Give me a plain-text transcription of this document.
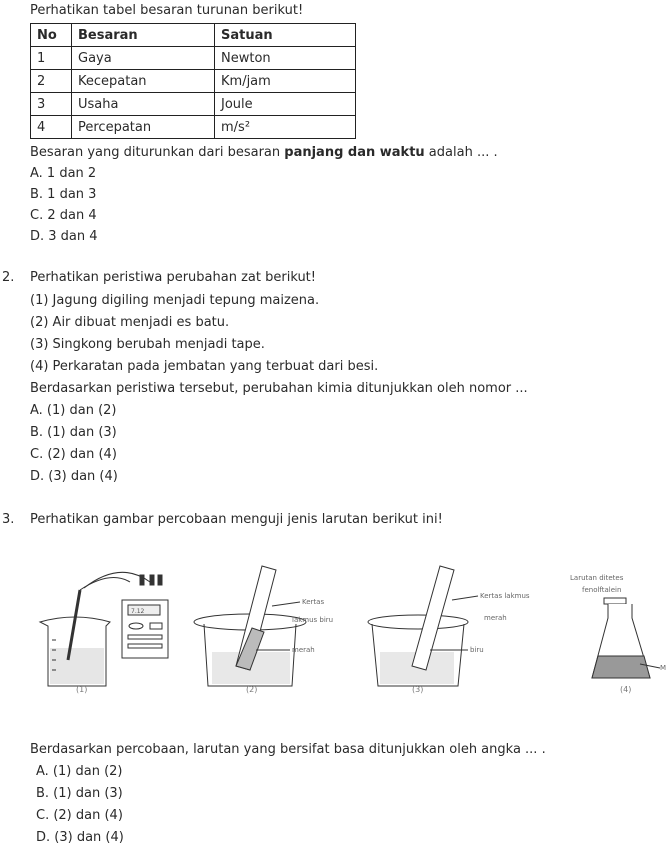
Perhatikan tabel besaran turunan berikut!
No	Besaran	Satuan
1	Gaya	Newton
2	Kecepatan	Km/jam
3	Usaha	Joule
4	Percepatan	m/s²
Besaran yang diturunkan dari besaran panjang dan waktu adalah ... .
A. 1 dan 2
B. 1 dan 3
C. 2 dan 4
D. 3 dan 4
2. Perhatikan peristiwa perubahan zat berikut!
(1) Jagung digiling menjadi tepung maizena.
(2) Air dibuat menjadi es batu.
(3) Singkong berubah menjadi tape.
(4) Perkaratan pada jembatan yang terbuat dari besi.
Berdasarkan peristiwa tersebut, perubahan kimia ditunjukkan oleh nomor ...
A. (1) dan (2)
B. (1) dan (3)
C. (2) dan (4)
D. (3) dan (4)
3. Perhatikan gambar percobaan menguji jenis larutan berikut ini!
7.12
Kertas
lakmus biru
merah
Kertas lakmus
merah
biru
Larutan ditetes
fenolftalein
M
(1)	(2)	(3)	(4)
Berdasarkan percobaan, larutan yang bersifat basa ditunjukkan oleh angka ... .
A. (1) dan (2)
B. (1) dan (3)
C. (2) dan (4)
D. (3) dan (4)
